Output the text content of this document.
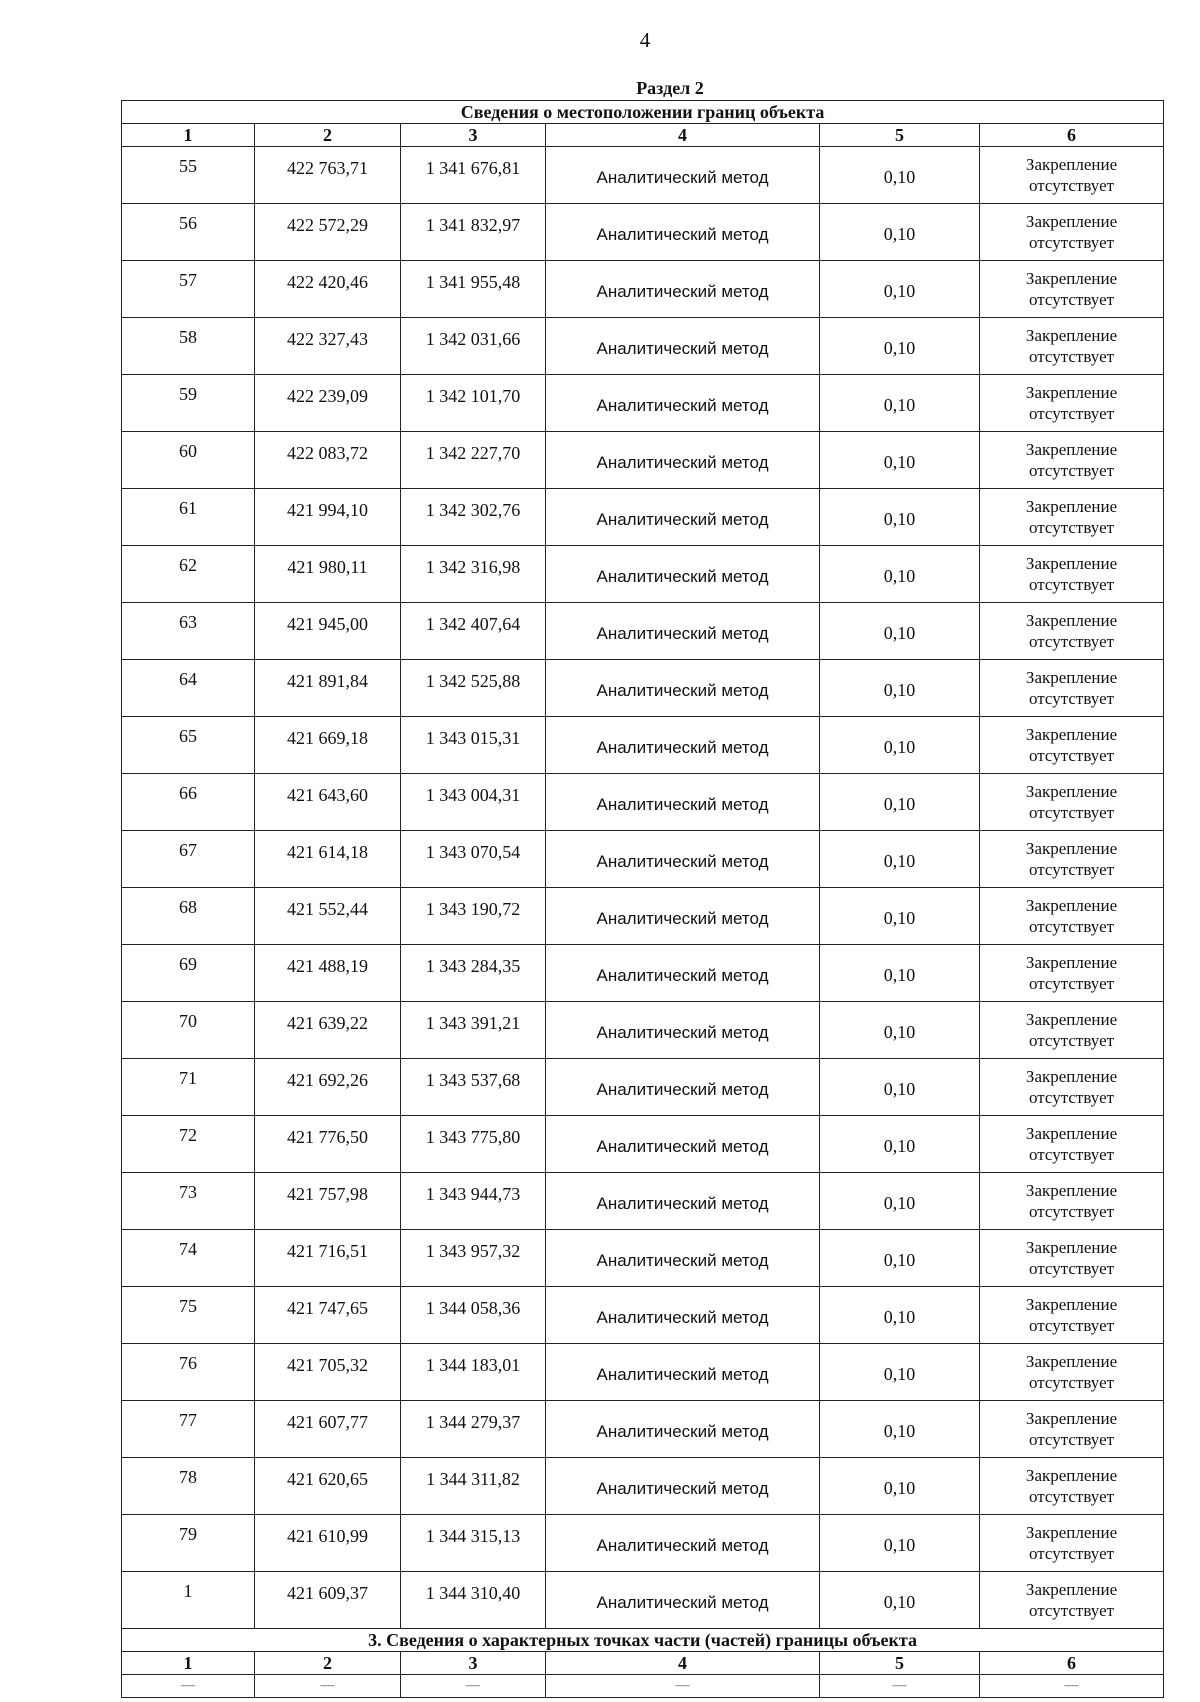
4
Раздел 2
Сведения о местоположении границ объекта					
1	2	3	4	5	6
55	422 763,71	1 341 676,81	Аналитический метод	0,10	Закрепление
отсутствует

56	422 572,29	1 341 832,97	Аналитический метод	0,10	Закрепление
отсутствует

57	422 420,46	1 341 955,48	Аналитический метод	0,10	Закрепление
отсутствует

58	422 327,43	1 342 031,66	Аналитический метод	0,10	Закрепление
отсутствует

59	422 239,09	1 342 101,70	Аналитический метод	0,10	Закрепление
отсутствует

60	422 083,72	1 342 227,70	Аналитический метод	0,10	Закрепление
отсутствует

61	421 994,10	1 342 302,76	Аналитический метод	0,10	Закрепление
отсутствует

62	421 980,11	1 342 316,98	Аналитический метод	0,10	Закрепление
отсутствует

63	421 945,00	1 342 407,64	Аналитический метод	0,10	Закрепление
отсутствует

64	421 891,84	1 342 525,88	Аналитический метод	0,10	Закрепление
отсутствует

65	421 669,18	1 343 015,31	Аналитический метод	0,10	Закрепление
отсутствует

66	421 643,60	1 343 004,31	Аналитический метод	0,10	Закрепление
отсутствует

67	421 614,18	1 343 070,54	Аналитический метод	0,10	Закрепление
отсутствует

68	421 552,44	1 343 190,72	Аналитический метод	0,10	Закрепление
отсутствует

69	421 488,19	1 343 284,35	Аналитический метод	0,10	Закрепление
отсутствует

70	421 639,22	1 343 391,21	Аналитический метод	0,10	Закрепление
отсутствует

71	421 692,26	1 343 537,68	Аналитический метод	0,10	Закрепление
отсутствует

72	421 776,50	1 343 775,80	Аналитический метод	0,10	Закрепление
отсутствует

73	421 757,98	1 343 944,73	Аналитический метод	0,10	Закрепление
отсутствует

74	421 716,51	1 343 957,32	Аналитический метод	0,10	Закрепление
отсутствует

75	421 747,65	1 344 058,36	Аналитический метод	0,10	Закрепление
отсутствует

76	421 705,32	1 344 183,01	Аналитический метод	0,10	Закрепление
отсутствует

77	421 607,77	1 344 279,37	Аналитический метод	0,10	Закрепление
отсутствует

78	421 620,65	1 344 311,82	Аналитический метод	0,10	Закрепление
отсутствует

79	421 610,99	1 344 315,13	Аналитический метод	0,10	Закрепление
отсутствует

1	421 609,37	1 344 310,40	Аналитический метод	0,10	Закрепление
отсутствует

3. Сведения о характерных точках части (частей) границы объекта					
1	2	3	4	5	6
—	—	—	—	—	—
